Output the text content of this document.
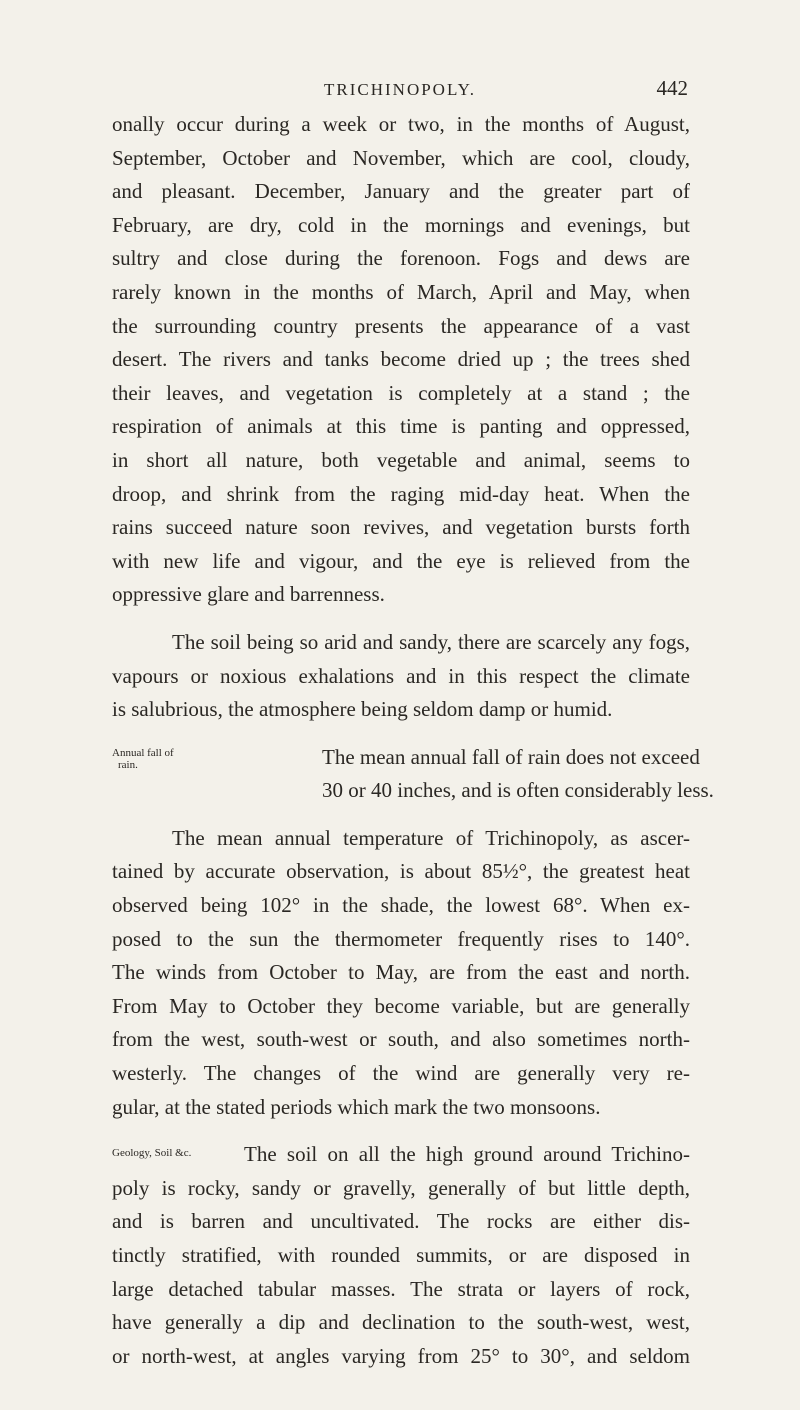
TRICHINOPOLY.	442
onally occur during a week or two, in the months of August,
September, October and November, which are cool, cloudy,
and pleasant. December, January and the greater part of
February, are dry, cold in the mornings and evenings, but
sultry and close during the forenoon. Fogs and dews are
rarely known in the months of March, April and May, when
the surrounding country presents the appearance of a vast
desert. The rivers and tanks become dried up ; the trees shed
their leaves, and vegetation is completely at a stand ; the
respiration of animals at this time is panting and oppressed,
in short all nature, both vegetable and animal, seems to
droop, and shrink from the raging mid-day heat. When the
rains succeed nature soon revives, and vegetation bursts forth
with new life and vigour, and the eye is relieved from the
oppressive glare and barrenness.
The soil being so arid and sandy, there are scarcely any fogs,
vapours or noxious exhalations and in this respect the climate
is salubrious, the atmosphere being seldom damp or humid.
Annual fall of
rain.	The mean annual fall of rain does not exceed
30 or 40 inches, and is often considerably less.
The mean annual temperature of Trichinopoly, as ascer-
tained by accurate observation, is about 85½°, the greatest heat
observed being 102° in the shade, the lowest 68°. When ex-
posed to the sun the thermometer frequently rises to 140°.
The winds from October to May, are from the east and north.
From May to October they become variable, but are generally
from the west, south-west or south, and also sometimes north-
westerly. The changes of the wind are generally very re-
gular, at the stated periods which mark the two monsoons.
Geology, Soil &c.	The soil on all the high ground around Trichino-
poly is rocky, sandy or gravelly, generally of but little depth,
and is barren and uncultivated. The rocks are either dis-
tinctly stratified, with rounded summits, or are disposed in
large detached tabular masses. The strata or layers of rock,
have generally a dip and declination to the south-west, west,
or north-west, at angles varying from 25° to 30°, and seldom
